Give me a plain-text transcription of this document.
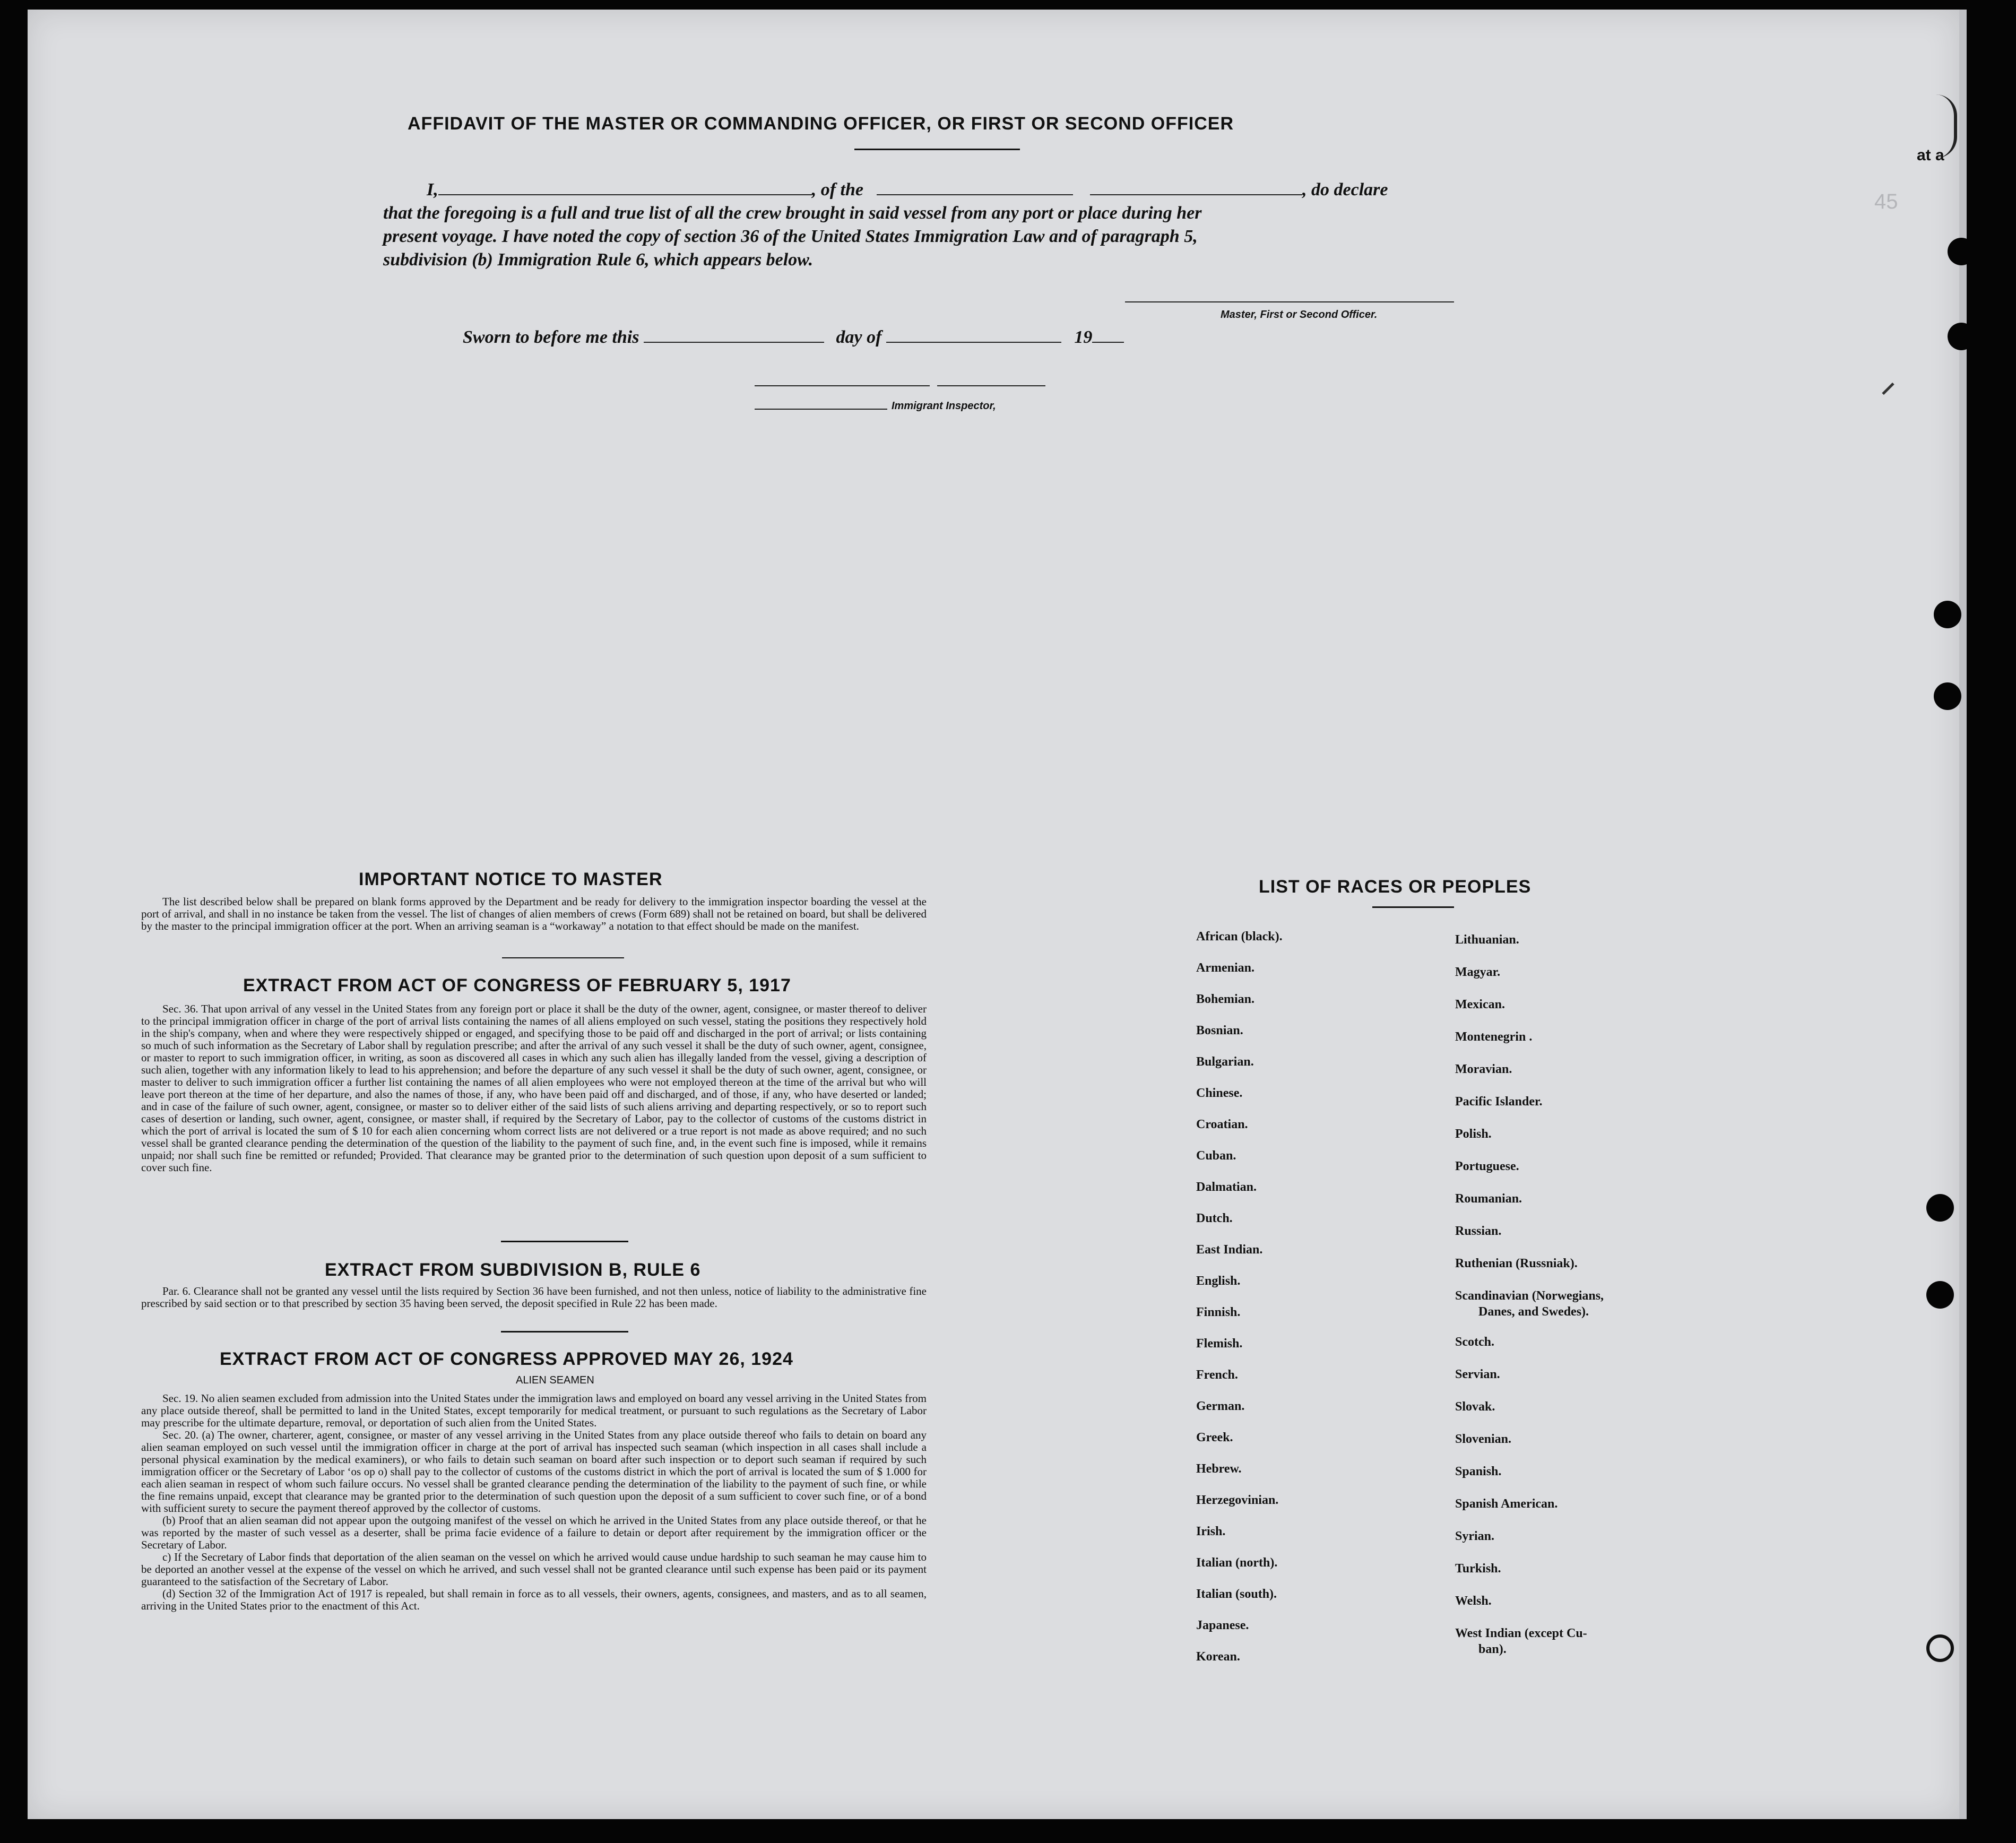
at a
45
AFFIDAVIT OF THE MASTER OR COMMANDING OFFICER, OR FIRST OR SECOND OFFICER
I,	, of the	, do declare
that the foregoing is a full and true list of all the crew brought in said vessel from any port or place during her
present voyage. I have noted the copy of section 36 of the United States Immigration Law and of paragraph 5,
subdivision (b) Immigration Rule 6, which appears below.
Master, First or Second Officer.
Sworn to before me this	day of	19
Immigrant Inspector,
IMPORTANT NOTICE TO MASTER

The list described below shall be prepared on blank forms approved by the Department and be ready for delivery to the immigration inspector boarding the vessel at the port of arrival, and shall in no instance be taken from the vessel. The list of changes of alien members of crews (Form 689) shall not be retained on board, but shall be delivered by the master to the principal immigration officer at the port. When an arriving seaman is a “workaway” a notation to that effect should be made on the manifest.

EXTRACT FROM ACT OF CONGRESS OF FEBRUARY 5, 1917

Sec. 36. That upon arrival of any vessel in the United States from any foreign port or place it shall be the duty of the owner, agent, consignee, or master thereof to deliver to the principal immigration officer in charge of the port of arrival lists containing the names of all aliens employed on such vessel, stating the positions they respectively hold in the ship's company, when and where they were respectively shipped or engaged, and specifying those to be paid off and discharged in the port of arrival; or lists containing so much of such information as the Secretary of Labor shall by regulation prescribe; and after the arrival of any such vessel it shall be the duty of such owner, agent, consignee, or master to report to such immigration officer, in writing, as soon as discovered all cases in which any such alien has illegally landed from the vessel, giving a description of such alien, together with any information likely to lead to his apprehension; and before the departure of any such vessel it shall be the duty of such owner, agent, consignee, or master to deliver to such immigration officer a further list containing the names of all alien employees who were not employed thereon at the time of the arrival but who will leave port thereon at the time of her departure, and also the names of those, if any, who have been paid off and discharged, and of those, if any, who have deserted or landed; and in case of the failure of such owner, agent, consignee, or master so to deliver either of the said lists of such aliens arriving and departing respectively, or so to report such cases of desertion or landing, such owner, agent, consignee, or master shall, if required by the Secretary of Labor, pay to the collector of customs of the customs district in which the port of arrival is located the sum of $ 10 for each alien concerning whom correct lists are not delivered or a true report is not made as above required; and no such vessel shall be granted clearance pending the determination of the question of the liability to the payment of such fine, and, in the event such fine is imposed, while it remains unpaid; nor shall such fine be remitted or refunded; Provided. That clearance may be granted prior to the determination of such question upon deposit of a sum sufficient to cover such fine.

EXTRACT FROM SUBDIVISION B, RULE 6

Par. 6. Clearance shall not be granted any vessel until the lists required by Section 36 have been furnished, and not then unless, notice of liability to the administrative fine prescribed by said section or to that prescribed by section 35 having been served, the deposit specified in Rule 22 has been made.

EXTRACT FROM ACT OF CONGRESS APPROVED MAY 26, 1924
ALIEN SEAMEN

Sec. 19. No alien seamen excluded from admission into the United States under the immigration laws and employed on board any vessel arriving in the United States from any place outside thereof, shall be permitted to land in the United States, except temporarily for medical treatment, or pursuant to such regulations as the Secretary of Labor may prescribe for the ultimate departure, removal, or deportation of such alien from the United States.

Sec. 20. (a) The owner, charterer, agent, consignee, or master of any vessel arriving in the United States from any place outside thereof who fails to detain on board any alien seaman employed on such vessel until the immigration officer in charge at the port of arrival has inspected such seaman (which inspection in all cases shall include a personal physical examination by the medical examiners), or who fails to detain such seaman on board after such inspection or to deport such seaman if required by such immigration officer or the Secretary of Labor ‘os op o) shall pay to the collector of customs of the customs district in which the port of arrival is located the sum of $ 1.000 for each alien seaman in respect of whom such failure occurs. No vessel shall be granted clearance pending the determination of the liability to the payment of such fine, or while the fine remains unpaid, except that clearance may be granted prior to the determination of such question upon the deposit of a sum sufficient to cover such fine, or of a bond with sufficient surety to secure the payment thereof approved by the collector of customs.

(b) Proof that an alien seaman did not appear upon the outgoing manifest of the vessel on which he arrived in the United States from any place outside thereof, or that he was reported by the master of such vessel as a deserter, shall be prima facie evidence of a failure to detain or deport after requirement by the immigration officer or the Secretary of Labor.

c) If the Secretary of Labor finds that deportation of the alien seaman on the vessel on which he arrived would cause undue hardship to such seaman he may cause him to be deported an another vessel at the expense of the vessel on which he arrived, and such vessel shall not be granted clearance until such expense has been paid or its payment guaranteed to the satisfaction of the Secretary of Labor.

(d) Section 32 of the Immigration Act of 1917 is repealed, but shall remain in force as to all vessels, their owners, agents, consignees, and masters, and as to all seamen, arriving in the United States prior to the enactment of this Act.

LIST OF RACES OR PEOPLES
African (black).
Armenian.
Bohemian.
Bosnian.
Bulgarian.
Chinese.
Croatian.
Cuban.
Dalmatian.
Dutch.
East Indian.
English.
Finnish.
Flemish.
French.
German.
Greek.
Hebrew.
Herzegovinian.
Irish.
Italian (north).
Italian (south).
Japanese.
Korean.
Lithuanian.
Magyar.
Mexican.
Montenegrin .
Moravian.
Pacific Islander.
Polish.
Portuguese.
Roumanian.
Russian.
Ruthenian (Russniak).
Scandinavian (Norwegians,
Danes, and Swedes).
Scotch.
Servian.
Slovak.
Slovenian.
Spanish.
Spanish American.
Syrian.
Turkish.
Welsh.
West Indian (except Cu-
ban).
